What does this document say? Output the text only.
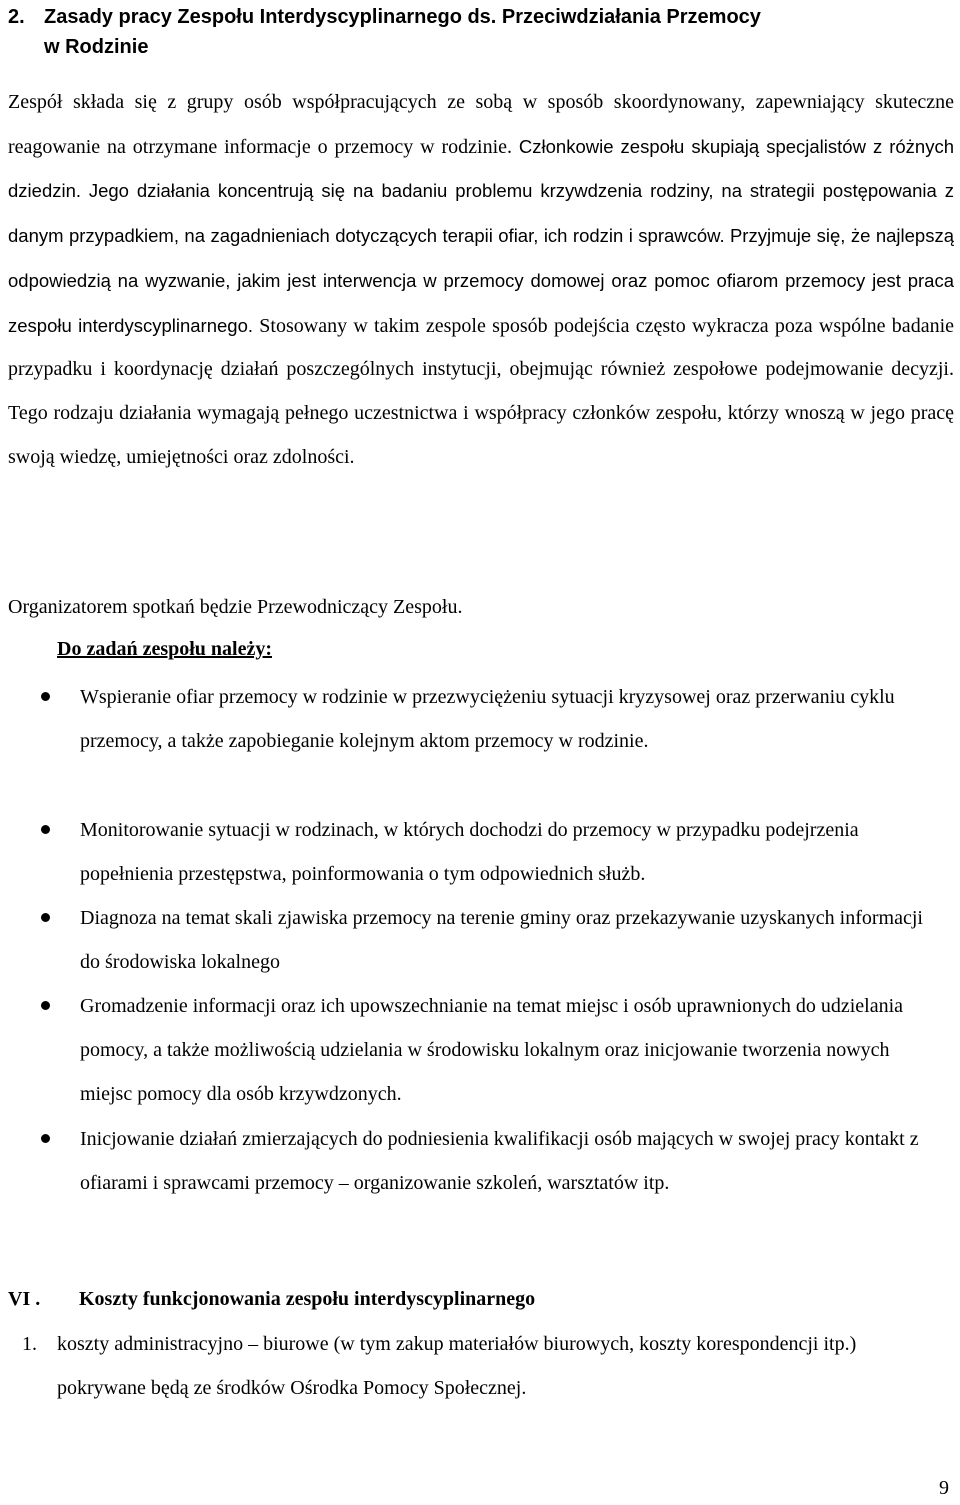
2. Zasady pracy Zespołu Interdyscyplinarnego ds. Przeciwdziałania Przemocy
w Rodzinie
Zespół składa się z grupy osób współpracujących ze sobą w sposób skoordynowany, zapewniający skuteczne reagowanie na otrzymane informacje o przemocy w rodzinie. Członkowie zespołu skupiają specjalistów z różnych dziedzin. Jego działania koncentrują się na badaniu problemu krzywdzenia rodziny, na strategii postępowania z danym przypadkiem, na zagadnieniach dotyczących terapii ofiar, ich rodzin i sprawców. Przyjmuje się, że najlepszą odpowiedzią na wyzwanie, jakim jest interwencja w przemocy domowej oraz pomoc ofiarom przemocy jest praca zespołu interdyscyplinarnego. Stosowany w takim zespole sposób podejścia często wykracza poza wspólne badanie przypadku i koordynację działań poszczególnych instytucji, obejmując również zespołowe podejmowanie decyzji. Tego rodzaju działania wymagają pełnego uczestnictwa i współpracy członków zespołu, którzy wnoszą w jego pracę swoją wiedzę, umiejętności oraz zdolności.
Organizatorem spotkań będzie Przewodniczący Zespołu.
Do zadań zespołu należy:
Wspieranie ofiar przemocy w rodzinie w przezwyciężeniu sytuacji kryzysowej oraz przerwaniu cyklu przemocy, a także zapobieganie kolejnym aktom przemocy w rodzinie.
Monitorowanie sytuacji w rodzinach, w których dochodzi do przemocy w przypadku podejrzenia popełnienia przestępstwa, poinformowania o tym odpowiednich służb.
Diagnoza na temat skali zjawiska przemocy na terenie gminy oraz przekazywanie uzyskanych informacji do środowiska lokalnego
Gromadzenie informacji oraz ich upowszechnianie na temat miejsc i osób uprawnionych do udzielania pomocy, a także możliwością udzielania w środowisku lokalnym oraz inicjowanie tworzenia nowych miejsc pomocy dla osób krzywdzonych.
Inicjowanie działań zmierzających do podniesienia kwalifikacji osób mających w swojej pracy kontakt z ofiarami i sprawcami przemocy – organizowanie szkoleń, warsztatów itp.
VI . Koszty funkcjonowania zespołu interdyscyplinarnego
1.	koszty administracyjno – biurowe (w tym zakup materiałów biurowych, koszty korespondencji itp.) pokrywane będą ze środków Ośrodka Pomocy Społecznej.
9
